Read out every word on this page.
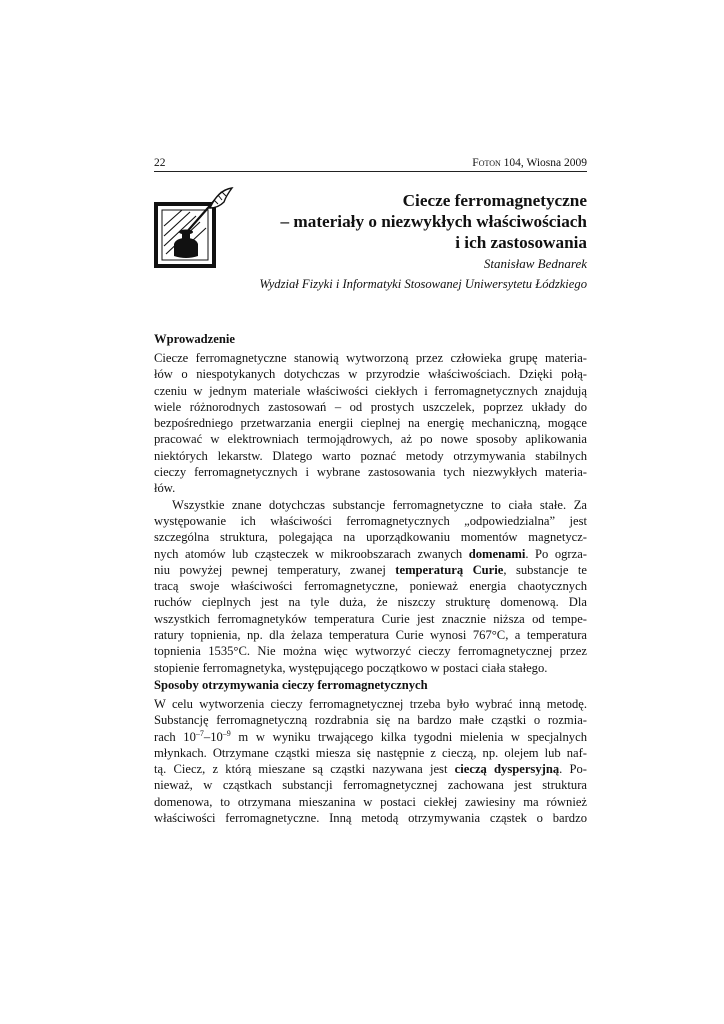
22	Foton 104, Wiosna 2009
Ciecze ferromagnetyczne
– materiały o niezwykłych właściwościach
i ich zastosowania
Stanisław Bednarek
Wydział Fizyki i Informatyki Stosowanej Uniwersytetu Łódzkiego
Wprowadzenie
Ciecze ferromagnetyczne stanowią wytworzoną przez człowieka grupę materia-
łów o niespotykanych dotychczas w przyrodzie właściwościach. Dzięki połą-
czeniu w jednym materiale właściwości ciekłych i ferromagnetycznych znajdują
wiele różnorodnych zastosowań – od prostych uszczelek, poprzez układy do
bezpośredniego przetwarzania energii cieplnej na energię mechaniczną, mogące
pracować w elektrowniach termojądrowych, aż po nowe sposoby aplikowania
niektórych lekarstw. Dlatego warto poznać metody otrzymywania stabilnych
cieczy ferromagnetycznych i wybrane zastosowania tych niezwykłych materia-
łów.
Wszystkie znane dotychczas substancje ferromagnetyczne to ciała stałe. Za
występowanie ich właściwości ferromagnetycznych „odpowiedzialna” jest
szczególna struktura, polegająca na uporządkowaniu momentów magnetycz-
nych atomów lub cząsteczek w mikroobszarach zwanych domenami. Po ogrza-
niu powyżej pewnej temperatury, zwanej temperaturą Curie, substancje te
tracą swoje właściwości ferromagnetyczne, ponieważ energia chaotycznych
ruchów cieplnych jest na tyle duża, że niszczy strukturę domenową. Dla
wszystkich ferromagnetyków temperatura Curie jest znacznie niższa od tempe-
ratury topnienia, np. dla żelaza temperatura Curie wynosi 767°C, a temperatura
topnienia 1535°C. Nie można więc wytworzyć cieczy ferromagnetycznej przez
stopienie ferromagnetyka, występującego początkowo w postaci ciała stałego.
Sposoby otrzymywania cieczy ferromagnetycznych
W celu wytworzenia cieczy ferromagnetycznej trzeba było wybrać inną metodę.
Substancję ferromagnetyczną rozdrabnia się na bardzo małe cząstki o rozmia-
rach $10^{-7}-10^{-9}$ m w wyniku trwającego kilka tygodni mielenia w specjalnych
młynkach. Otrzymane cząstki miesza się następnie z cieczą, np. olejem lub naf-
tą. Ciecz, z którą mieszane są cząstki nazywana jest cieczą dyspersyjną. Po-
nieważ, w cząstkach substancji ferromagnetycznej zachowana jest struktura
domenowa, to otrzymana mieszanina w postaci ciekłej zawiesiny ma również
właściwości ferromagnetyczne. Inną metodą otrzymywania cząstek o bardzo
